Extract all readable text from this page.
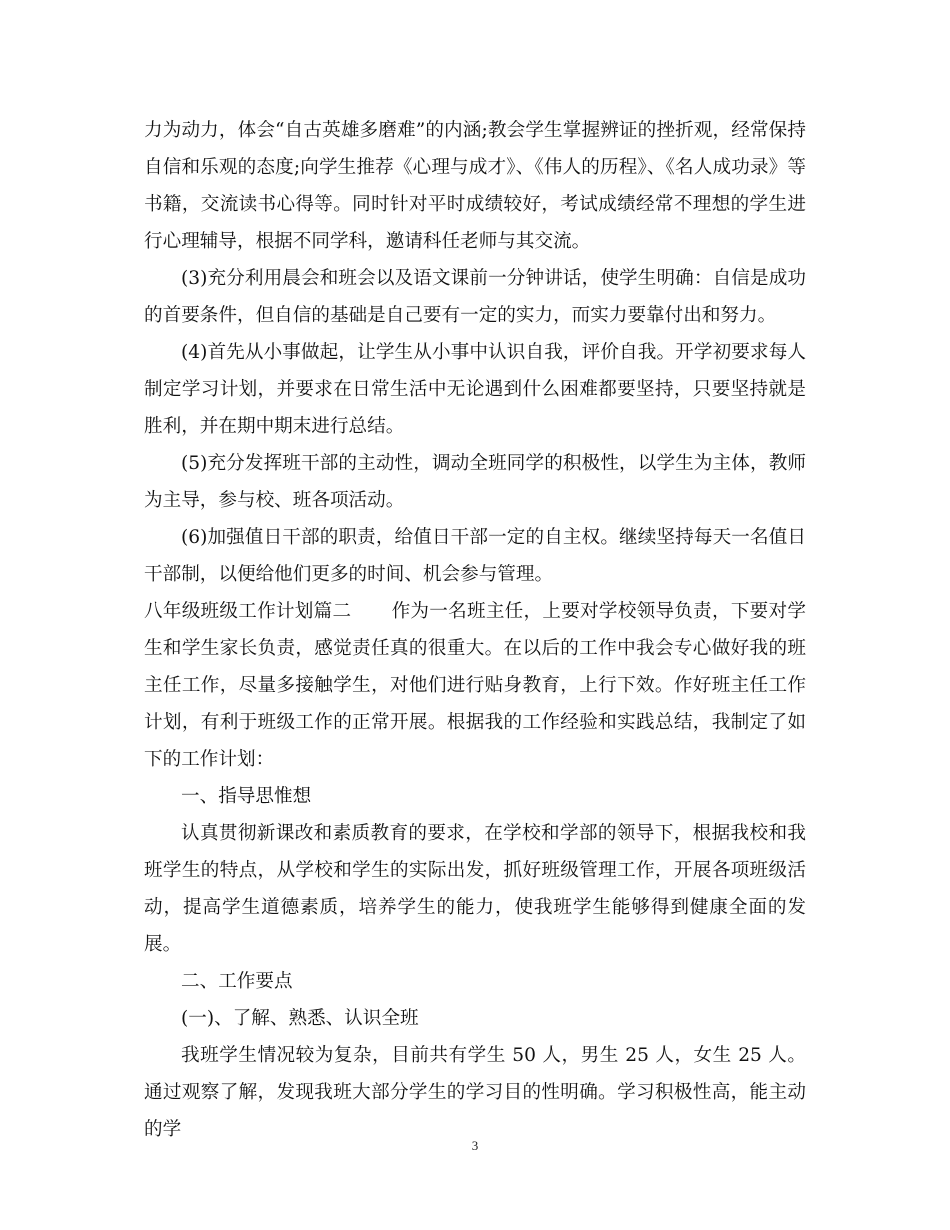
力为动力，体会“自古英雄多磨难”的内涵;教会学生掌握辨证的挫折观，经常保持自信和乐观的态度;向学生推荐《心理与成才》、《伟人的历程》、《名人成功录》等书籍，交流读书心得等。同时针对平时成绩较好，考试成绩经常不理想的学生进行心理辅导，根据不同学科，邀请科任老师与其交流。

(3)充分利用晨会和班会以及语文课前一分钟讲话，使学生明确：自信是成功的首要条件，但自信的基础是自己要有一定的实力，而实力要靠付出和努力。

(4)首先从小事做起，让学生从小事中认识自我，评价自我。开学初要求每人制定学习计划，并要求在日常生活中无论遇到什么困难都要坚持，只要坚持就是胜利，并在期中期末进行总结。

(5)充分发挥班干部的主动性，调动全班同学的积极性，以学生为主体，教师为主导，参与校、班各项活动。

(6)加强值日干部的职责，给值日干部一定的自主权。继续坚持每天一名值日干部制，以便给他们更多的时间、机会参与管理。

八年级班级工作计划篇二 作为一名班主任，上要对学校领导负责，下要对学生和学生家长负责，感觉责任真的很重大。在以后的工作中我会专心做好我的班主任工作，尽量多接触学生，对他们进行贴身教育，上行下效。作好班主任工作计划，有利于班级工作的正常开展。根据我的工作经验和实践总结，我制定了如下的工作计划：

一、指导思惟想

认真贯彻新课改和素质教育的要求，在学校和学部的领导下，根据我校和我班学生的特点，从学校和学生的实际出发，抓好班级管理工作，开展各项班级活动，提高学生道德素质，培养学生的能力，使我班学生能够得到健康全面的发展。

二、工作要点

(一)、了解、熟悉、认识全班

我班学生情况较为复杂，目前共有学生 50 人，男生 25 人，女生 25 人。通过观察了解，发现我班大部分学生的学习目的性明确。学习积极性高，能主动的学

3
